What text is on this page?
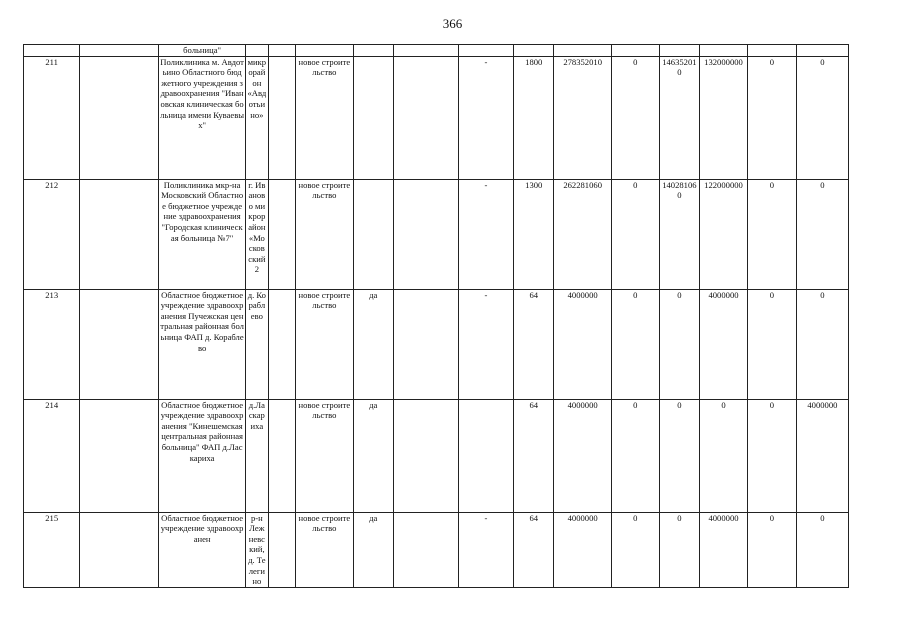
366
		больница"													
211		Поликлиника м. Авдотьино Областного бюджетного учреждения здравоохранения "Ивановская клиническая больница имени Куваевых"	микрорайон «Авдотьино»		новое строительство			-	1800	278352010	0	146352010	132000000	0	0
212		Поликлиника мкр-на Московский Областное бюджетное учреждение здравоохранения "Городская клиническая больница №7"	г. Иваново микрорайон «Московский2		новое строительство			-	1300	262281060	0	140281060	122000000	0	0
213		Областное бюджетное учреждение здравоохранения Пучежская центральная районная больница ФАП д. Кораблево	д. Кораблево		новое строительство	да		-	64	4000000	0	0	4000000	0	0
214		Областное бюджетное учреждение здравоохранения "Кинешемская центральная районная больница" ФАП д.Ласкариха	д.Ласкариха		новое строительство	да			64	4000000	0	0	0	0	4000000
215		Областное бюджетное учреждение здравоохранен	р-н Лежневский, д. Телегино		новое строительство	да		-	64	4000000	0	0	4000000	0	0
